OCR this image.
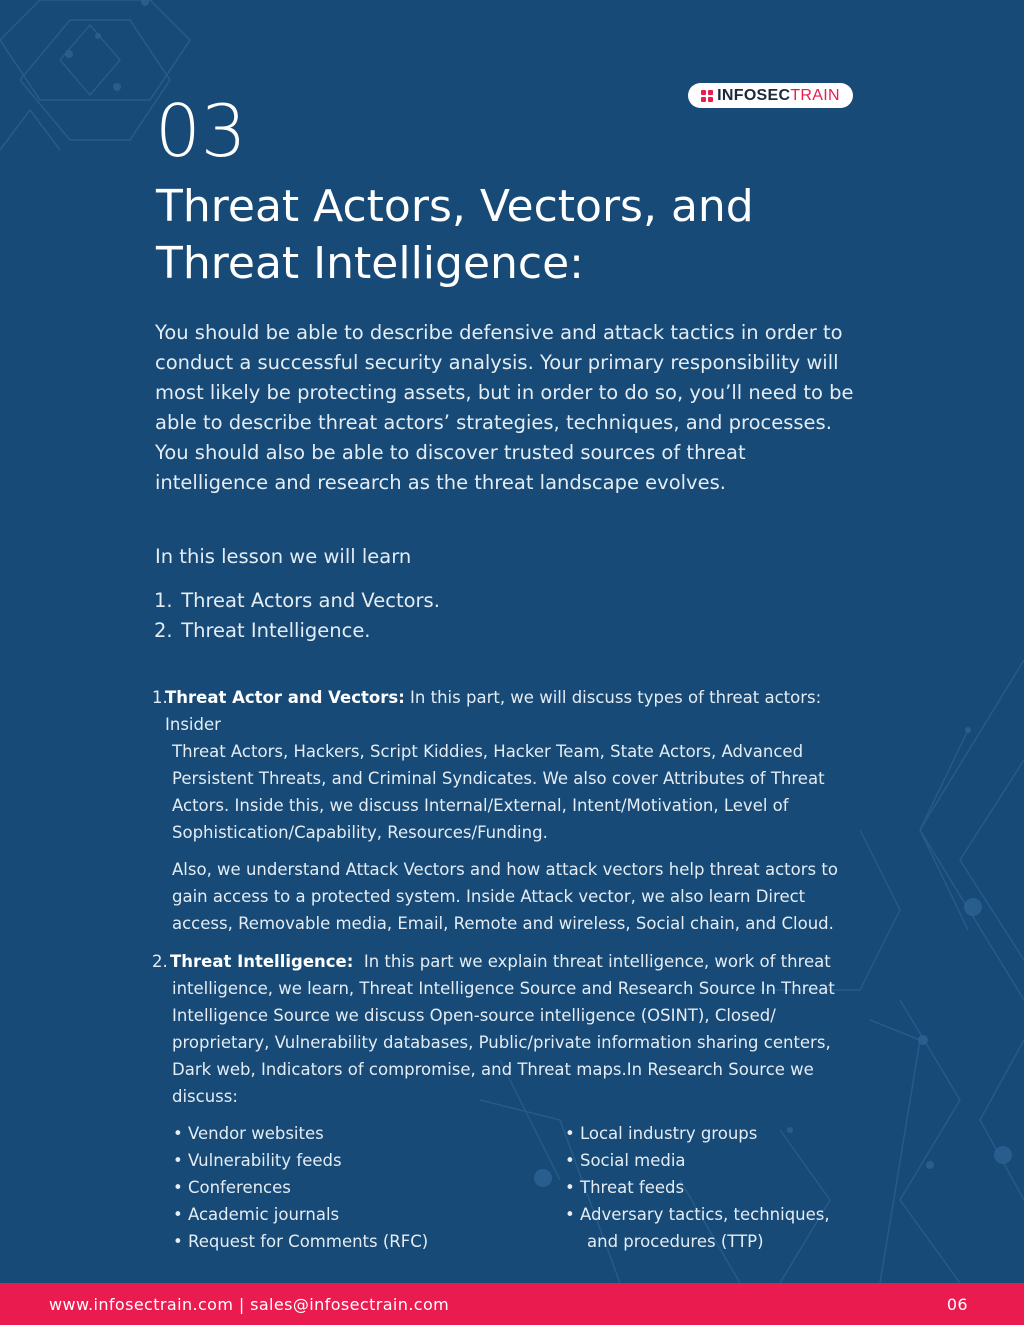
INFOSEC TRAIN
03
Threat Actors, Vectors, and
Threat Intelligence:

You should be able to describe defensive and attack tactics in order to conduct a successful security analysis. Your primary responsibility will most likely be protecting assets, but in order to do so, you’ll need to be able to describe threat actors’ strategies, techniques, and processes. You should also be able to discover trusted sources of threat intelligence and research as the threat landscape evolves.

In this lesson we will learn

1. Threat Actors and Vectors.
2. Threat Intelligence.
1.
Threat Actor and Vectors: In this part, we will discuss types of threat actors: Insider

Threat Actors, Hackers, Script Kiddies, Hacker Team, State Actors, Advanced Persistent Threats, and Criminal Syndicates. We also cover Attributes of Threat Actors. Inside this, we discuss Internal/External, Intent/Motivation, Level of Sophistication/Capability, Resources/Funding.

Also, we understand Attack Vectors and how attack vectors help threat actors to gain access to a protected system. Inside Attack vector, we also learn Direct access, Removable media, Email, Remote and wireless, Social chain, and Cloud.

2. Threat Intelligence:  In this part we explain threat intelligence, work of threat

intelligence, we learn, Threat Intelligence Source and Research Source In Threat Intelligence Source we discuss Open-source intelligence (OSINT), Closed/ proprietary, Vulnerability databases, Public/private information sharing centers, Dark web, Indicators of compromise, and Threat maps.In Research Source we discuss:

• Vendor websites
• Vulnerability feeds
• Conferences
• Academic journals
• Request for Comments (RFC)
• Local industry groups
• Social media
• Threat feeds
• Adversary tactics, techniques,
and procedures (TTP)
www.infosectrain.com | sales@infosectrain.com	06
